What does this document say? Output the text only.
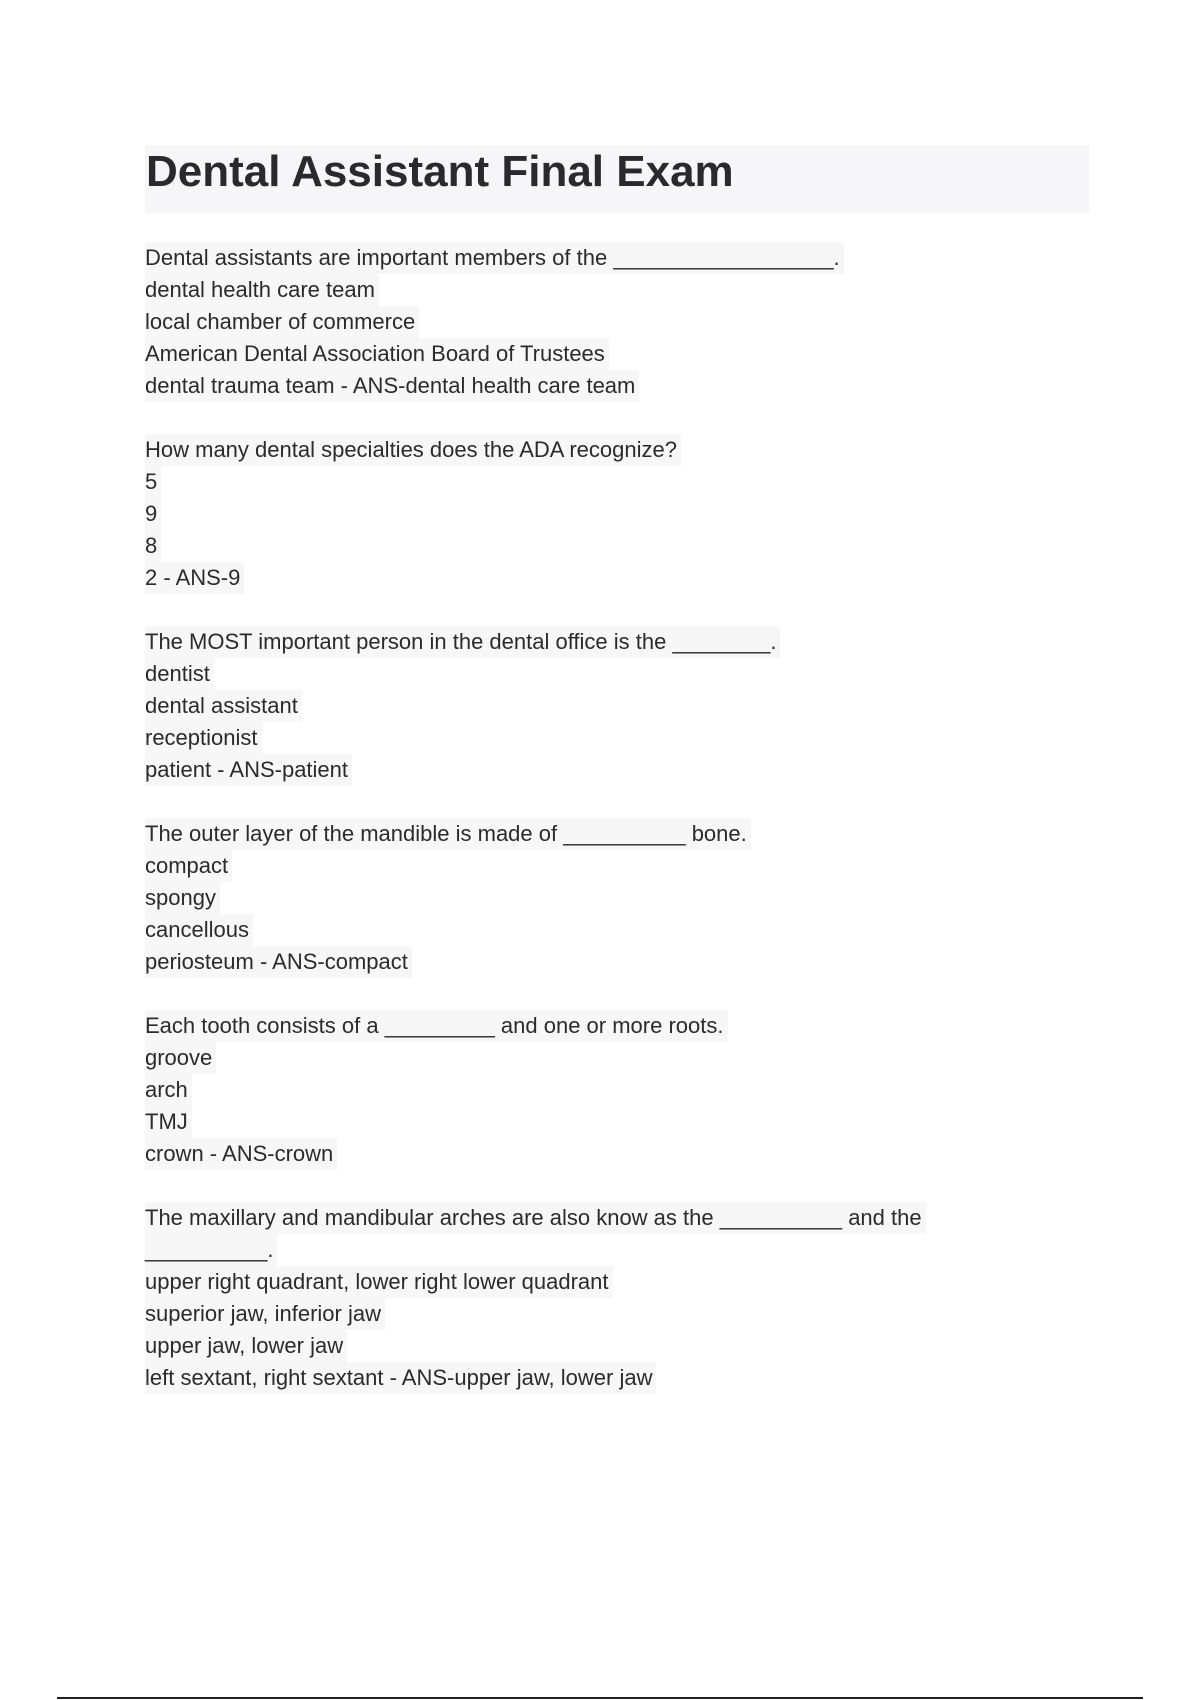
Dental Assistant Final Exam
Dental assistants are important members of the __________________.
dental health care team
local chamber of commerce
American Dental Association Board of Trustees
dental trauma team - ANS-dental health care team
How many dental specialties does the ADA recognize?
5
9
8
2 - ANS-9
The MOST important person in the dental office is the ________.
dentist
dental assistant
receptionist
patient - ANS-patient
The outer layer of the mandible is made of __________ bone.
compact
spongy
cancellous
periosteum - ANS-compact
Each tooth consists of a _________ and one or more roots.
groove
arch
TMJ
crown - ANS-crown
The maxillary and mandibular arches are also know as the __________ and the
__________.
upper right quadrant, lower right lower quadrant
superior jaw, inferior jaw
upper jaw, lower jaw
left sextant, right sextant - ANS-upper jaw, lower jaw
